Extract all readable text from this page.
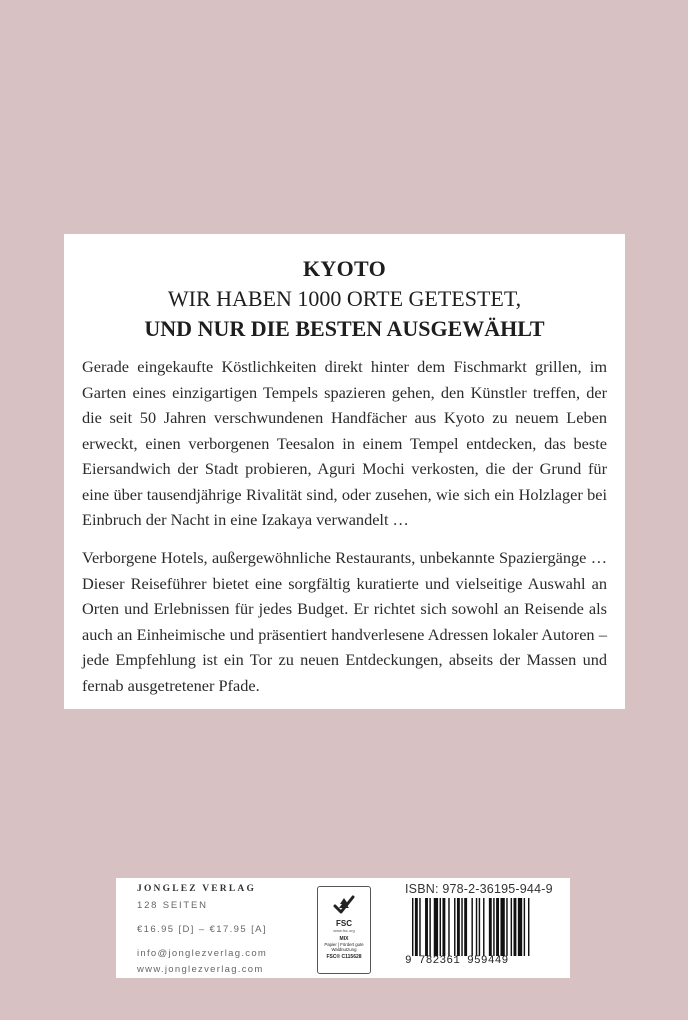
KYOTO
WIR HABEN 1000 ORTE GETESTET,
UND NUR DIE BESTEN AUSGEWÄHLT

Gerade eingekaufte Köstlichkeiten direkt hinter dem Fischmarkt grillen, im Garten eines einzigartigen Tempels spazieren gehen, den Künstler treffen, der die seit 50 Jahren verschwundenen Handfächer aus Kyoto zu neuem Leben erweckt, einen verborgenen Teesalon in einem Tempel entdecken, das beste Eiersandwich der Stadt probieren, Aguri Mochi verkosten, die der Grund für eine über tausendjährige Rivalität sind, oder zusehen, wie sich ein Holzlager bei Einbruch der Nacht in eine Izakaya verwandelt …

Verborgene Hotels, außergewöhnliche Restaurants, unbekannte Spaziergänge … Dieser Reiseführer bietet eine sorgfältig kuratierte und vielseitige Auswahl an Orten und Erlebnissen für jedes Budget. Er richtet sich sowohl an Reisende als auch an Einheimische und präsentiert handverlesene Adressen lokaler Autoren – jede Empfehlung ist ein Tor zu neuen Entdeckungen, abseits der Massen und fernab ausgetretener Pfade.

JONGLEZ VERLAG
128 SEITEN
€16.95 [D] – €17.95 [A]
info@jonglezverlag.com
www.jonglezverlag.com
FSC
www.fsc.org
MIX
Papier | Fördert gute Waldnutzung
FSC® C115628
ISBN: 978-2-36195-944-9
9 782361 959449
